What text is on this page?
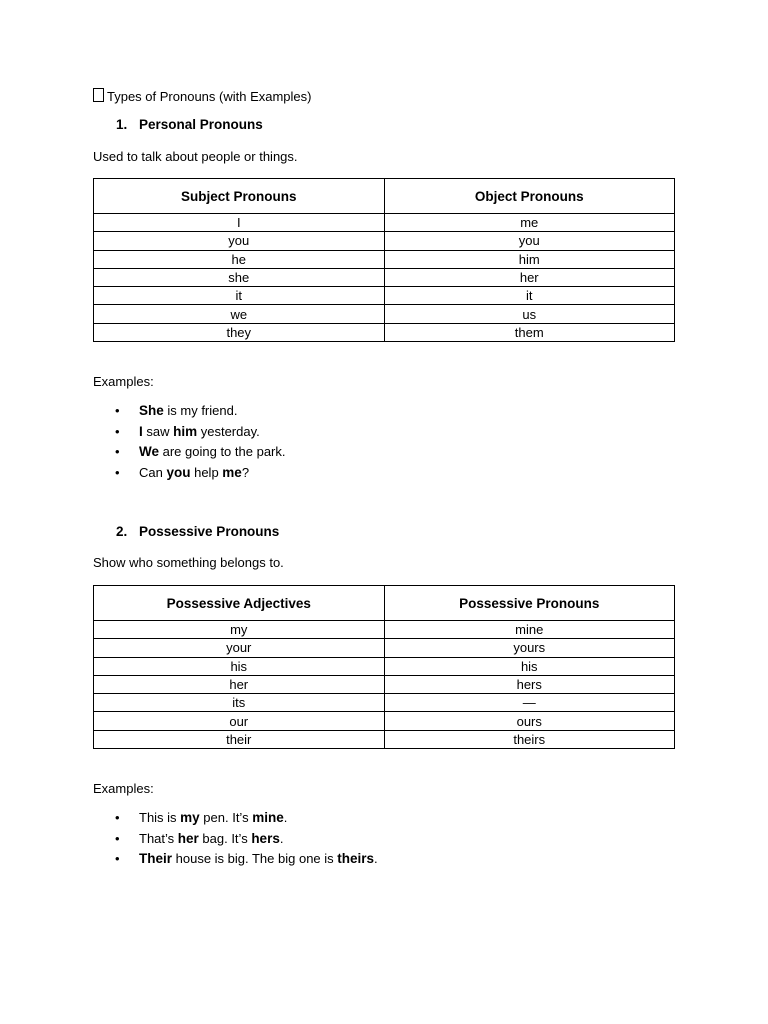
Types of Pronouns (with Examples)
1. Personal Pronouns
Used to talk about people or things.
Subject Pronouns	Object Pronouns
I	me
you	you
he	him
she	her
it	it
we	us
they	them
Examples:
• She is my friend.
• I saw him yesterday.
• We are going to the park.
• Can you help me?
2. Possessive Pronouns
Show who something belongs to.
Possessive Adjectives	Possessive Pronouns
my	mine
your	yours
his	his
her	hers
its	—
our	ours
their	theirs
Examples:
• This is my pen. It’s mine.
• That’s her bag. It’s hers.
• Their house is big. The big one is theirs.
